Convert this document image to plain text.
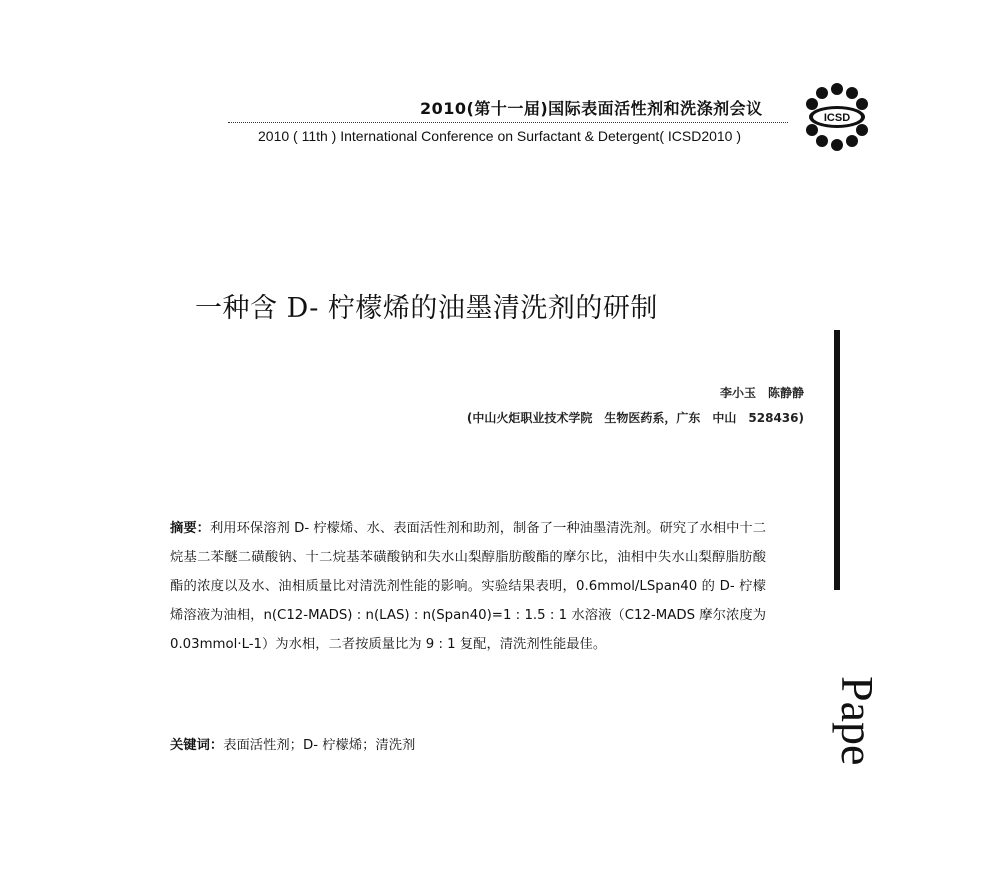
2010(第十一届)国际表面活性剂和洗涤剂会议
2010 ( 11th ) International Conference on Surfactant & Detergent( ICSD2010 )
ICSD
一种含 D- 柠檬烯的油墨清洗剂的研制
Pape
李小玉　陈静静
(中山火炬职业技术学院　生物医药系，广东　中山　528436)
摘要：利用环保溶剂 D- 柠檬烯、水、表面活性剂和助剂，制备了一种油墨清洗剂。研究了水相中十二烷基二苯醚二磺酸钠、十二烷基苯磺酸钠和失水山梨醇脂肪酸酯的摩尔比，油相中失水山梨醇脂肪酸酯的浓度以及水、油相质量比对清洗剂性能的影响。实验结果表明，0.6mmol/LSpan40 的 D- 柠檬烯溶液为油相，n(C12-MADS) : n(LAS) : n(Span40)=1 : 1.5 : 1 水溶液（C12-MADS 摩尔浓度为 0.03mmol·L-1）为水相，二者按质量比为 9 : 1 复配，清洗剂性能最佳。
关键词：表面活性剂；D- 柠檬烯；清洗剂
